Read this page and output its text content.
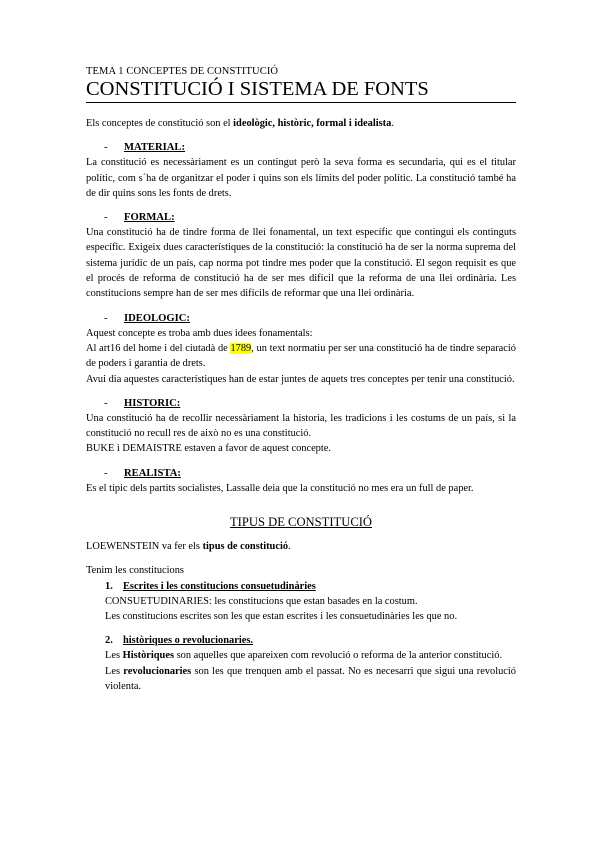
TEMA 1 CONCEPTES DE CONSTITUCIÓ
CONSTITUCIÓ I SISTEMA DE FONTS

Els conceptes de constitució son el ideològic, històric, formal i idealista.

-	MATERIAL:

La constitució es necessàriament es un contingut però la seva forma es secundaria, qui es el titular polític, com s´ha de organitzar el poder i quins son els límits del poder polític. La constitució també ha de dir quins sons les fonts de drets.

-	FORMAL:

Una constitució ha de tindre forma de llei fonamental, un text específic que contingui els continguts específic. Exigeix dues característiques de la constitució: la constitució ha de ser la norma suprema del sistema jurídic de un país, cap norma pot tindre mes poder que la constitució. El segon requisit es que el procés de reforma de constitució ha de ser mes difícil que la reforma de una llei ordinària. Les constitucions sempre han de ser mes difícils de reformar que una llei ordinària.

-	IDEOLOGIC:

Aquest concepte es troba amb dues idees fonamentals:

Al art16 del home i del ciutadà de 1789, un text normatiu per ser una constitució ha de tindre separació de poders i garantia de drets.

Avui dia aquestes característiques han de estar juntes de aquets tres conceptes per tenir una constitució.

-	HISTORIC:

Una constitució ha de recollir necessàriament la historia, les tradicions i les costums de un país, si la constitució no recull res de això no es una constitució.

BUKE i DEMAISTRE estaven a favor de aquest concepte.

-	REALISTA:

Es el típic dels partits socialistes, Lassalle deia que la constitució no mes era un full de paper.

TIPUS DE CONSTITUCIÓ

LOEWENSTEIN va fer els tipus de constitució.

Tenim les constitucions

1. Escrites i les constitucions consuetudinàries

CONSUETUDINARIES: les constitucions que estan basades en la costum.

Les constitucions escrites son les que estan escrites i les consuetudinàries les que no.

2. històriques o revolucionaries.

Les Històriques son aquelles que apareixen com revolució o reforma de la anterior constitució.

Les revolucionaries son les que trenquen amb el passat. No es necesarri que sigui una revolució violenta.
